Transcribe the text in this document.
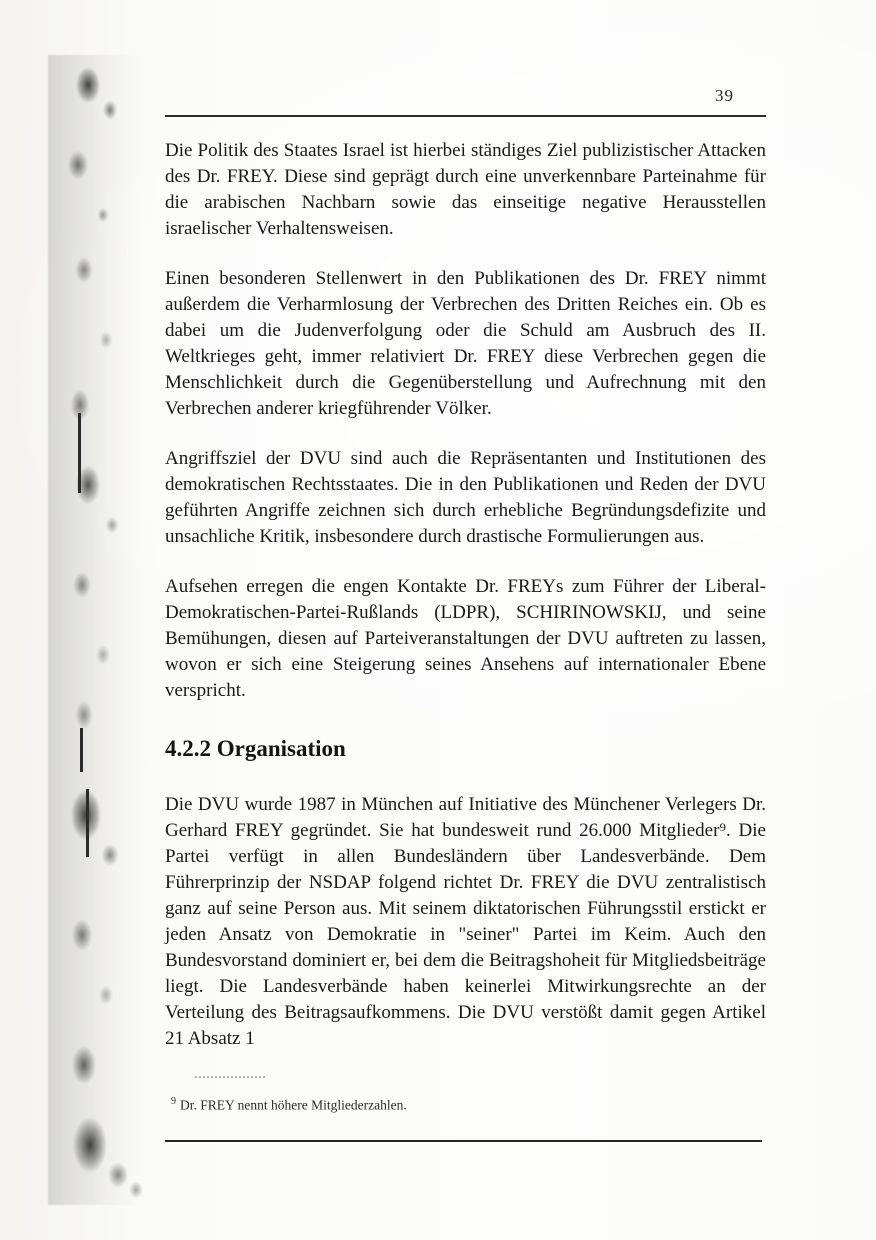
39

Die Politik des Staates Israel ist hierbei ständiges Ziel publizistischer Attacken des Dr. FREY. Diese sind geprägt durch eine unverkennbare Parteinahme für die arabischen Nachbarn sowie das einseitige negative Herausstellen israelischer Verhaltensweisen.

Einen besonderen Stellenwert in den Publikationen des Dr. FREY nimmt außerdem die Verharmlosung der Verbrechen des Dritten Reiches ein. Ob es dabei um die Judenverfolgung oder die Schuld am Ausbruch des II. Weltkrieges geht, immer relativiert Dr. FREY diese Verbrechen gegen die Menschlichkeit durch die Gegenüberstellung und Aufrechnung mit den Verbrechen anderer kriegführender Völker.

Angriffsziel der DVU sind auch die Repräsentanten und Institutionen des demokratischen Rechtsstaates. Die in den Publikationen und Reden der DVU geführten Angriffe zeichnen sich durch erhebliche Begründungsdefizite und unsachliche Kritik, insbesondere durch drastische Formulierungen aus.

Aufsehen erregen die engen Kontakte Dr. FREYs zum Führer der Liberal-Demokratischen-Partei-Rußlands (LDPR), SCHIRINOWSKIJ, und seine Bemühungen, diesen auf Parteiveranstaltungen der DVU auftreten zu lassen, wovon er sich eine Steigerung seines Ansehens auf internationaler Ebene verspricht.

4.2.2 Organisation

Die DVU wurde 1987 in München auf Initiative des Münchener Verlegers Dr. Gerhard FREY gegründet. Sie hat bundesweit rund 26.000 Mitglieder⁹. Die Partei verfügt in allen Bundesländern über Landesverbände. Dem Führerprinzip der NSDAP folgend richtet Dr. FREY die DVU zentralistisch ganz auf seine Person aus. Mit seinem diktatorischen Führungsstil erstickt er jeden Ansatz von Demokratie in "seiner" Partei im Keim. Auch den Bundesvorstand dominiert er, bei dem die Beitragshoheit für Mitgliedsbeiträge liegt. Die Landesverbände haben keinerlei Mitwirkungsrechte an der Verteilung des Beitragsaufkommens. Die DVU verstößt damit gegen Artikel 21 Absatz 1

$^9$ Dr. FREY nennt höhere Mitgliederzahlen.
